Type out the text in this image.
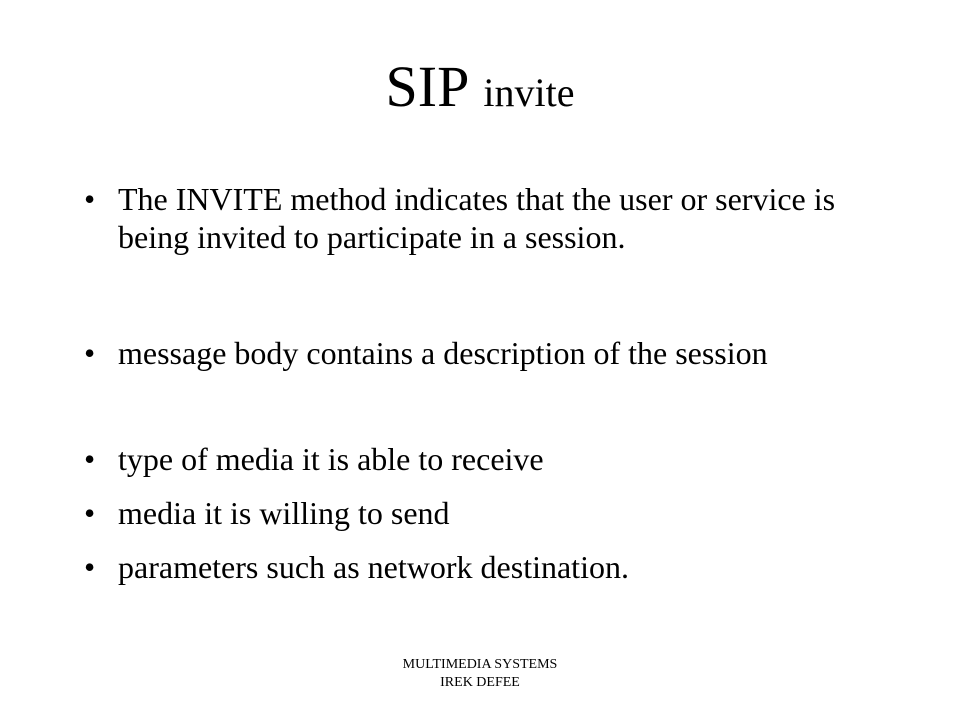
SIP invite
• The INVITE method indicates that the user or service is being invited to participate in a session.
• message body contains a description of the session
• type of media it is able to receive
• media it is willing to send
• parameters such as network destination.
MULTIMEDIA SYSTEMS
IREK DEFEE
